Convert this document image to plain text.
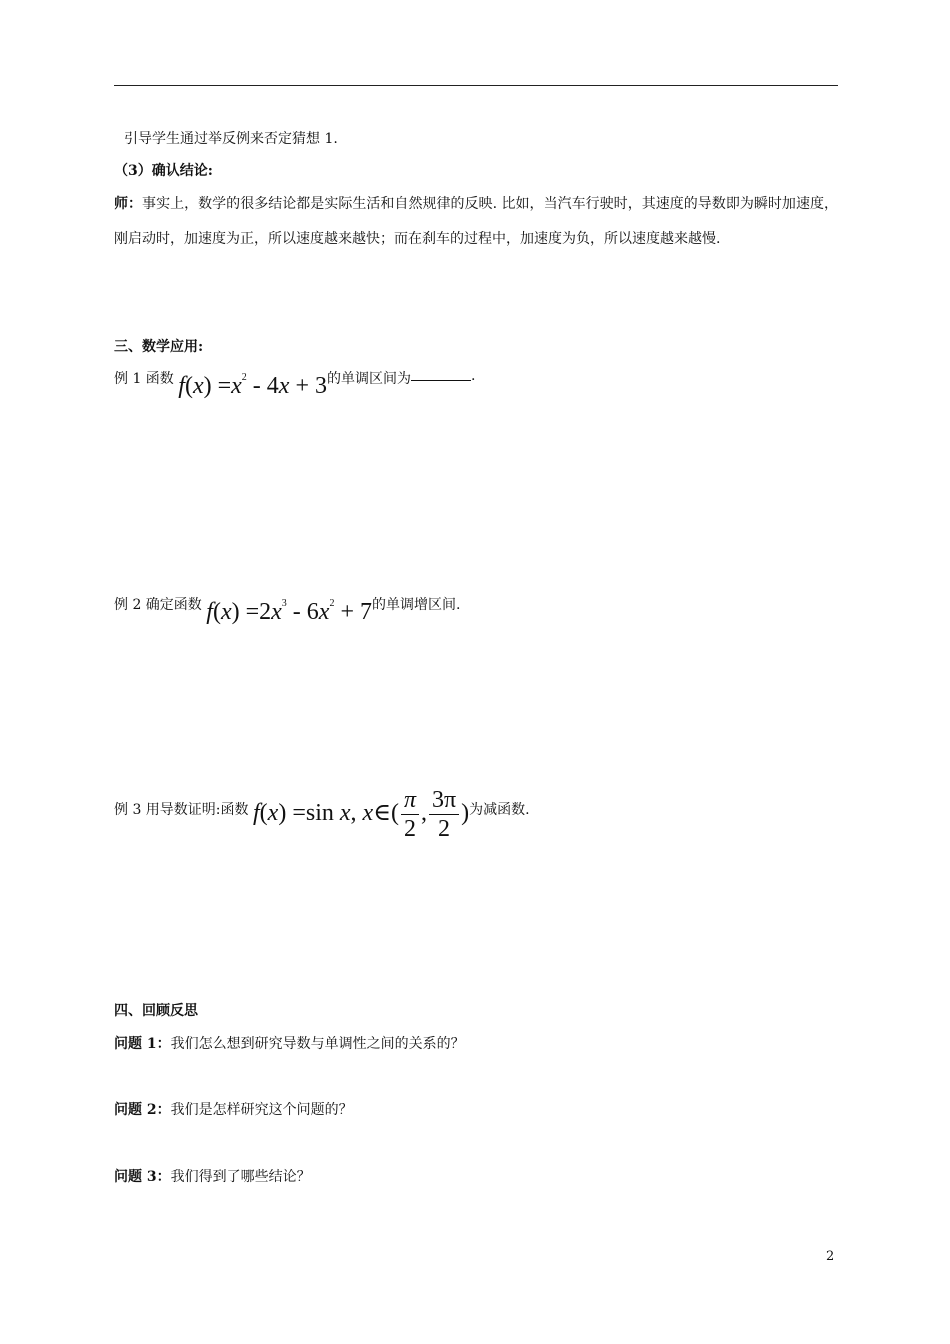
引导学生通过举反例来否定猜想 1.
（3）确认结论:
师：事实上，数学的很多结论都是实际生活和自然规律的反映. 比如，当汽车行驶时，其速度的导数即为瞬时加速度，刚启动时，加速度为正，所以速度越来越快；而在刹车的过程中，加速度为负，所以速度越来越慢.
三、数学应用:
例 1 函数 $f(x) =x^2 - 4x + 3$的单调区间为	.
例 2 确定函数 $f(x) =2x^3 - 6x^2 + 7$的单调增区间.
例 3 用导数证明:函数 f(x) =sin x, x∈( $\frac{\pi}{2}$ , $\frac{3\pi}{2}$ )为减函数.
四、回顾反思
问题 1：我们怎么想到研究导数与单调性之间的关系的？
问题 2：我们是怎样研究这个问题的？
问题 3：我们得到了哪些结论？
2
